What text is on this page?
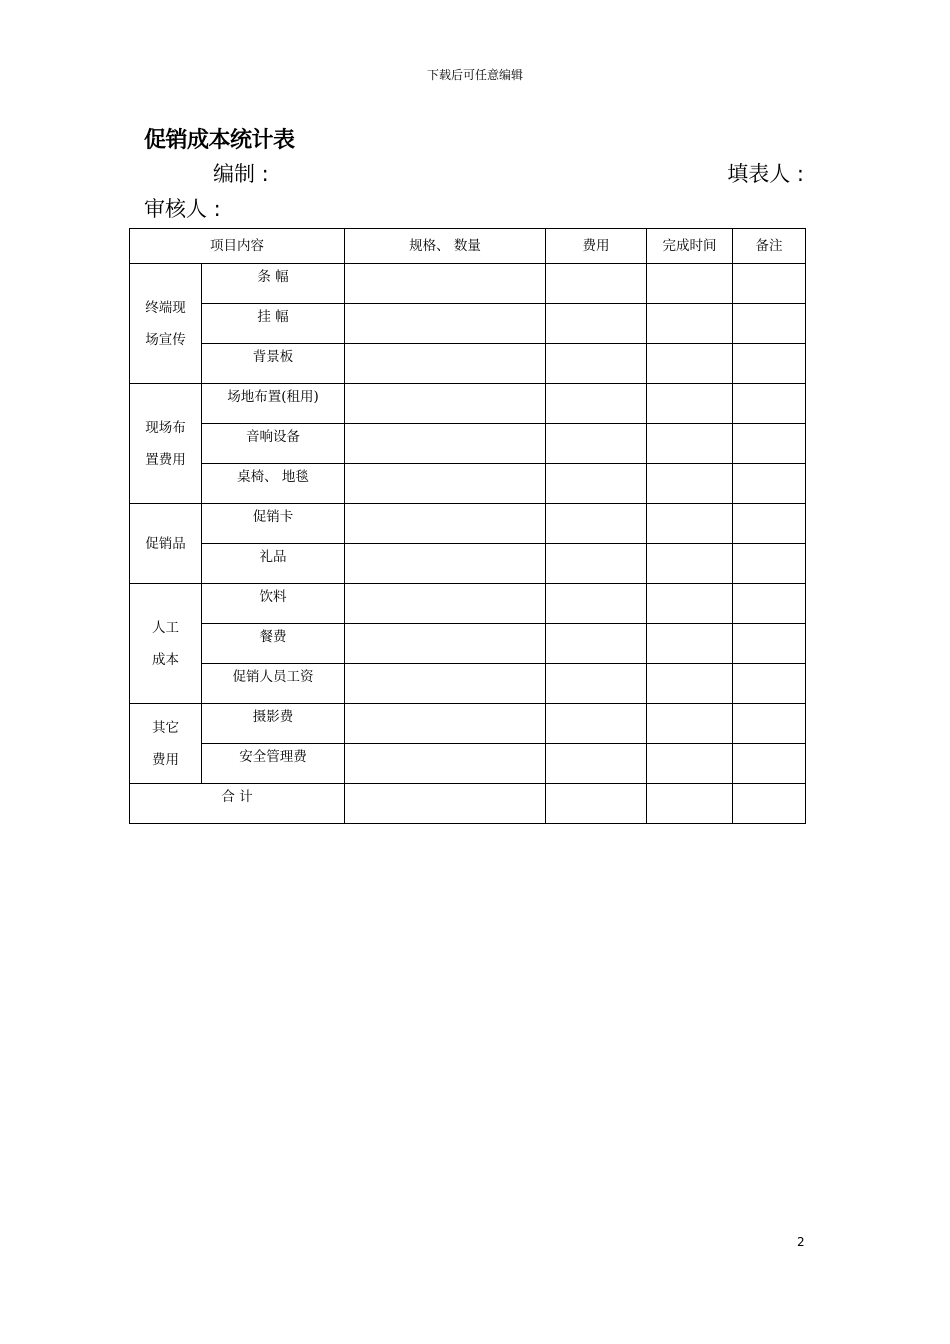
下载后可任意编辑
促销成本统计表
编制 :	填表人 :
审核人 :
项目内容		规格、 数量	费用	完成时间	备注

终端现
场宣传	条 幅				
	挂 幅				
	背景板				

现场布
置费用	场地布置(租用)				
	音响设备				
	桌椅、 地毯				

促销品	促销卡				
	礼品				

人工
成本	饮料				
	餐费				
	促销人员工资				

其它
费用	摄影费				
	安全管理费				
合 计					
2
